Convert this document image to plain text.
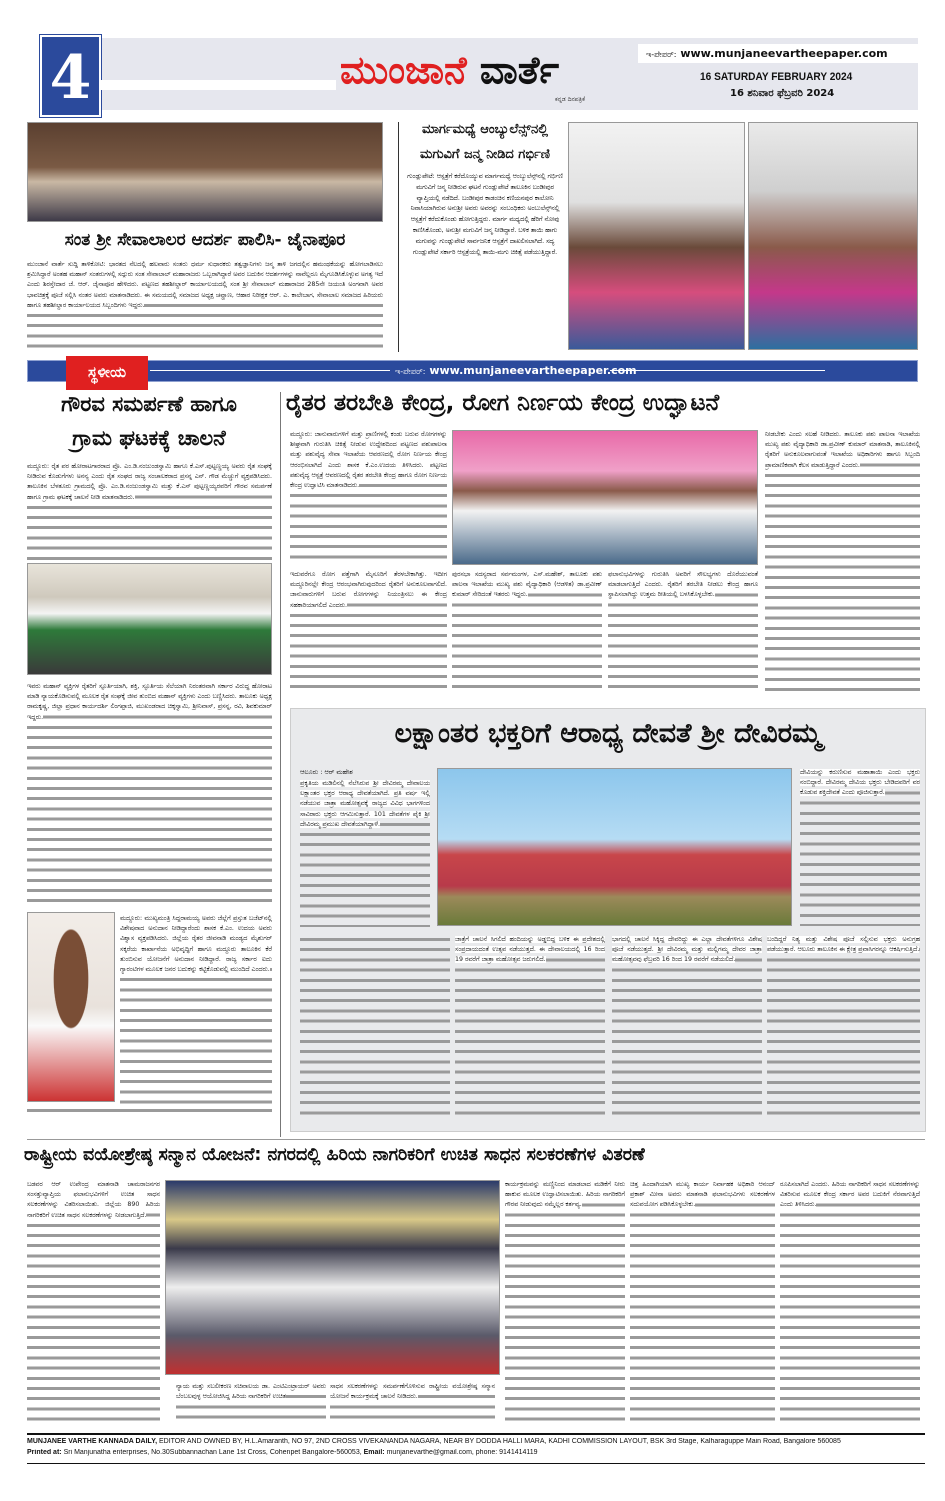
4	ಮುಂಜಾನೆ ವಾರ್ತೆ
ಕನ್ನಡ ದಿನಪತ್ರಿಕೆ
ಇ-ಪೇಪರ್: www.munjaneevartheepaper.com
16 SATURDAY FEBRUARY 2024
16 ಶನಿವಾರ ಫೆಬ್ರವರಿ 2024
ಸಂತ ಶ್ರೀ ಸೇವಾಲಾಲರ ಆದರ್ಶ ಪಾಲಿಸಿ- ಜೈನಾಪೂರ
ಮುಂಜಾನೆ ವಾರ್ತೆ ಸುದ್ದಿ ತಾಳಿಕೋಟಿ: ಭಾರತದ ನೆಲದಲ್ಲಿ ಹಲವಾರು ಸಂತರು ಧರ್ಮ ಸುಧಾರಕರು ತತ್ವಜ್ಞಾನಿಗಳು ಜನ್ಮ ತಾಳಿ ಜಗದಲ್ಲಿನ ಹಮಂಥಕೆಯನ್ನು ಹೋಗಲಾಡಿಸಲು ಶ್ರಮಿಸಿದ್ದಾರೆ ಅಂತಹ ಮಹಾನ್ ಸಂತರುಗಳಲ್ಲಿ ಸದ್ಗುರು ಸಂತ ಸೇವಾಲಾಲ್ ಮಹಾರಾಜರು ಒಬ್ಬರಾಗಿದ್ದಾರೆ ಅವರ ಬದುಕಿನ ಆದರ್ಶಗಳನ್ನು ನಾವೆಲ್ಲರೂ ಮೈಗೂಡಿಸಿಕೊಳ್ಳುವ ಅಗತ್ಯ ಇದೆ ಎಂದು ಶಿರಸ್ತೇದಾರ ಜೆ. ಆರ್. ಜೈನಾಪೂರ ಹೇಳಿದರು. ಪಟ್ಟಣದ ತಹಶೀಲ್ದಾರ್ ಕಾರ್ಯಾಲಯದಲ್ಲಿ ಸಂತ ಶ್ರೀ ಸೇವಾಲಾಲ್ ಮಹಾರಾಜರ 285ನೇ ಜಯಂತಿ ಅಂಗವಾಗಿ ಅವರ ಭಾವಚಿತ್ರಕ್ಕೆ ಪೂಜೆ ಸಲ್ಲಿಸಿ ನಂತರ ಅವರು ಮಾತನಾಡಿದರು. ಈ ಸಮಯದಲ್ಲಿ ಸಮಾಜದ ಅಧ್ಯಕ್ಷ ಚವ್ಹಾಣ, ಆಹಾರ ನಿರೀಕ್ಷಕ ಆರ್. ಎ. ಕಾಲೇಬಾಗ, ಸೇವಾಲಾಲ ಸಮಾಜದ ಹಿರಿಯರು ಹಾಗೂ ತಹಶೀಲ್ದಾರ ಕಾರ್ಯಾಲಯದ ಸಿಬ್ಬಂದಿಗಳು ಇದ್ದರು.
ಮಾರ್ಗಮಧ್ಯೆ ಆಂಬ್ಯುಲೆನ್ಸ್‌ನಲ್ಲಿ
ಮಗುವಿಗೆ ಜನ್ಮ ನೀಡಿದ ಗರ್ಭಿಣಿ
ಗುಂಡ್ಲುಪೇಟೆ: ಆಸ್ಪತ್ರೆಗೆ ಕರೆದೊಯ್ಯುವ ಮಾರ್ಗಮಧ್ಯೆ ಆಂಬ್ಯುಲೆನ್ಸ್‌ನಲ್ಲಿ ಗರ್ಭಿಣಿ ಮಗುವಿಗೆ ಜನ್ಮ ನೀಡಿರುವ ಘಟನೆ ಗುಂಡ್ಲುಪೇಟೆ ತಾಲೂಕಿನ ಬಂಡೀಪುರ ವ್ಯಾಪ್ತಿಯಲ್ಲಿ ನಡೆದಿದೆ. ಬಂಡೀಪುರ ಕಾಡಂಚಿನ ಕಣಿಯನಪುರ ಕಾಲೋನಿ ನಿವಾಸಿಯಾಗಿರುವ ಅನುಶ್ರೀ ಅವರು ಅವರನ್ನು ಸಂಬಂಧಿಕರು ಅಂಬುಲೆನ್ಸ್‌ನಲ್ಲಿ ಆಸ್ಪತ್ರೆಗೆ ಕರೆದುಕೊಂಡು ಹೋಗುತ್ತಿದ್ದರು. ಮಾರ್ಗ ಮಧ್ಯದಲ್ಲಿ ಹೆರಿಗೆ ನೋವು ಕಾಣಿಸಿಕೊಂಡು, ಅನುಶ್ರೀ ಮಗುವಿಗೆ ಜನ್ಮ ನೀಡಿದ್ದಾರೆ. ಬಳಿಕ ತಾಯಿ ಹಾಗು ಮಗುವನ್ನು ಗುಂಡ್ಲುಪೇಟೆ ಸಾರ್ವಜನಿಕ ಆಸ್ಪತ್ರೆಗೆ ದಾಖಲಿಸಲಾಗಿದೆ. ಸದ್ಯ ಗುಂಡ್ಲುಪೇಟೆ ಸರ್ಕಾರಿ ಆಸ್ಪತ್ರೆಯಲ್ಲಿ ತಾಯಿ-ಮಗು ಚಿಕಿತ್ಸೆ ಪಡೆಯುತ್ತಿದ್ದಾರೆ.
ಇ-ಪೇಪರ್: www.munjaneevartheepaper.com
ಸ್ಥಳೀಯ
ಗೌರವ ಸಮರ್ಪಣೆ ಹಾಗೂ
ಗ್ರಾಮ ಘಟಕಕ್ಕೆ ಚಾಲನೆ
ಮದ್ದೂರು: ರೈತ ಪರ ಹೋರಾಟಗಾರರಾದ ಪ್ರೊ. ಎಂ.ಡಿ.ನಂಜುಂಡಸ್ವಾಮಿ ಹಾಗೂ ಕೆ.ಎಸ್.ಪುಟ್ಟಣ್ಣಯ್ಯ ಅವರು ರೈತ ಸಂಘಕ್ಕೆ ನೀಡಿರುವ ಕೊಡುಗೆಗಳು ಅನನ್ಯ ಎಂದು ರೈತ ಸಂಘದ ರಾಜ್ಯ ಸಂಚಾಲಕರಾದ ಪ್ರಸನ್ನ ಎನ್. ಗೌಡ ಮೆಚ್ಚುಗೆ ವ್ಯಕ್ತಪಡಿಸಿದರು. ತಾಲೂಕಿನ ಬೆಳತೂರು ಗ್ರಾಮದಲ್ಲಿ ಪ್ರೊ. ಎಂ.ಡಿ.ನಂಜುಂಡಸ್ವಾಮಿ ಮತ್ತು ಕೆ.ಎಸ್ ಪುಟ್ಟಣ್ಣಯ್ಯರವರಿಗೆ ಗೌರವ ಸಮರ್ಪಣೆ ಹಾಗೂ ಗ್ರಾಮ ಘಟಕಕ್ಕೆ ಚಾಲನೆ ನೀಡಿ ಮಾತನಾಡಿದರು.
ಇವರು ಮಹಾನ್ ವ್ಯಕ್ತಿಗಳ ರೈತರಿಗೆ ಸ್ಪೂರ್ತಿಯಾಗಿ, ಶಕ್ತಿ, ಸ್ಫೂರ್ತಿಯ ಸೆಲೆಯಾಗಿ ನಿರಂತರವಾಗಿ ಸರ್ಕಾರ ವಿರುದ್ಧ ಹೋರಾಟ ಮಾಡಿ ನ್ಯಾಯಕೊಡಿಸುವಲ್ಲಿ ಮೂಲಕ ರೈತ ಸಂಘಕ್ಕೆ ಜೀವ ತುಂಬಿದ ಮಹಾನ್ ವ್ಯಕ್ತಿಗಳು ಎಂದು ಬಣ್ಣಿಸಿದರು. ತಾಲೂಕು ಅಧ್ಯಕ್ಷ ರಾಮಕೃಷ್ಣ, ಜಿಲ್ಲಾ ಪ್ರಧಾನ ಕಾರ್ಯದರ್ಶಿ ಲಿಂಗಪ್ಪಾಜಿ, ಮುಖಂಡರಾದ ಚಿಕ್ಕಸ್ವಾಮಿ, ಶ್ರೀನಿವಾಸ್, ಪ್ರಸನ್ನ, ರವಿ, ಶಿವಕುಮಾರ್ ಇದ್ದರು.
ಮದ್ದೂರು: ಮುಖ್ಯಮಂತ್ರಿ ಸಿದ್ದರಾಮಯ್ಯ ಅವರು ಜೆಲ್ಲೆಗೆ ಪ್ರಸ್ತುತ ಬಜೆಟ್‌ನಲ್ಲಿ ವಿಶೇಷವಾದ ಅನುದಾನ ನೀಡಿದ್ದಾರೆಂದು ಶಾಸಕ ಕೆ.ಎಂ. ಉದಯ ಅವರು ವಿಶ್ವಾಸ ವ್ಯಕ್ತಪಡಿಸಿದರು. ಜಿಲ್ಲೆಯ ರೈತರ ಜೀವನಾಡಿ ಮಂಡ್ಯದ ಮೈಶುಗರ್ ಸಕ್ಕರೆಯ ಕಾರ್ಖಾನೆಯ ಅಭಿವೃದ್ಧಿಗೆ ಹಾಗೂ ಮದ್ದೂರು ತಾಲೂಕಿನ ಕೆರೆ ತುಂಬಿಸುವ ಯೋಜನೆಗೆ ಅನುದಾನ ನೀಡಿದ್ದಾರೆ. ರಾಜ್ಯ ಸರ್ಕಾರ ಐದು ಗ್ಯಾರಂಟಿಗಳ ಮೂಲಕ ಜನರ ಬದುಕನ್ನು ಕಟ್ಟಿಕೊಡುವಲ್ಲಿ ಮುಂದಿದೆ ಎಂದರು.
ರೈತರ ತರಬೇತಿ ಕೇಂದ್ರ, ರೋಗ ನಿರ್ಣಯ ಕೇಂದ್ರ ಉದ್ಘಾಟನೆ
ಮದ್ದೂರು: ಜಾನುವಾರುಗಳಿಗೆ ಮತ್ತು ಪ್ರಾಣಿಗಳಲ್ಲಿ ಕಂಡು ಬರುವ ರೋಗಗಳನ್ನು ಶೀಘ್ರವಾಗಿ ಗುರುತಿಸಿ ಚಿಕಿತ್ಸೆ ನೀಡುವ ಉದ್ದೇಶದಿಂದ ಪಟ್ಟಣದ ಪಶುಪಾಲನಾ ಮತ್ತು ಪಶುವೈದ್ಯ ಸೇವಾ ಇಲಾಖೆಯ ಆವರಣದಲ್ಲಿ ರೋಗ ನಿರ್ಣಯ ಕೇಂದ್ರ ಆರಂಭಿಸಲಾಗಿದೆ ಎಂದು ಶಾಸಕ ಕೆ.ಎಂ.ಉದಯ ತಿಳಿಸಿದರು. ಪಟ್ಟಣದ ಪಶುವೈದ್ಯ ಆಸ್ಪತ್ರೆ ಆವರಣದಲ್ಲಿ ರೈತರ ತರಬೇತಿ ಕೇಂದ್ರ ಹಾಗೂ ರೋಗ ನಿರ್ಣಯ ಕೇಂದ್ರ ಉದ್ಘಾಟಿಸಿ ಮಾತನಾಡಿದರು.
ನೀಡಬೇಕು ಎಂದು ಸಲಹೆ ನೀಡಿದರು. ತಾಲೂಕು ಪಶು ಪಾಲನಾ ಇಲಾಖೆಯ ಮುಖ್ಯ ಪಶು ವೈದ್ಯಾಧಿಕಾರಿ ಡಾ.ಪ್ರವೀಣ್ ಕುಮಾರ್ ಮಾತನಾಡಿ, ತಾಲೂಕಿನಲ್ಲಿ ರೈತರಿಗೆ ಅನುಕೂಲವಾಗುವಂತೆ ಇಲಾಖೆಯ ಅಧಿಕಾರಿಗಳು ಹಾಗೂ ಸಿಬ್ಬಂದಿ ಪ್ರಾಮಾಣಿಕವಾಗಿ ಕೆಲಸ ಮಾಡುತ್ತಿದ್ದಾರೆ ಎಂದರು.
ಇದುವರೆಗೂ ರೋಗ ಪತ್ತೆಗಾಗಿ ಮೈಸೂರಿಗೆ ತೆರಳಬೇಕಾಗಿತ್ತು. ಇದೀಗ ಮದ್ದೂರಿನಲ್ಲೇ ಕೇಂದ್ರ ಆರಂಭವಾಗಿರುವುದರಿಂದ ರೈತರಿಗೆ ಅನುಕೂಲವಾಗಲಿದೆ. ಜಾನುವಾರುಗಳಿಗೆ ಬರುವ ರೋಗಗಳನ್ನು ನಿಯಂತ್ರಿಸಲು ಈ ಕೇಂದ್ರ ಸಹಕಾರಿಯಾಗಲಿದೆ ಎಂದರು.
ಪುರಸಭಾ ಸದಸ್ಯರಾದ ಸರ್ವಮಂಗಳ, ಎಸ್.ಮಹೇಶ್, ತಾಲೂಕು ಪಶು ಪಾಲನಾ ಇಲಾಖೆಯ ಮುಖ್ಯ ಪಶು ವೈದ್ಯಾಧಿಕಾರಿ (ಆಡಳಿತ) ಡಾ.ಪ್ರವೀಣ್ ಕುಮಾರ್ ಸೇರಿದಂತೆ ಇತರರು ಇದ್ದರು.
ಫಲಾನುಭವಿಗಳನ್ನು ಗುರುತಿಸಿ ಅವರಿಗೆ ಸೌಲಭ್ಯಗಳು ದೊರೆಯುವಂತೆ ಮಾಡಲಾಗುತ್ತಿದೆ ಎಂದರು. ರೈತರಿಗೆ ತರಬೇತಿ ನೀಡಲು ಕೇಂದ್ರ ಹಾಗೂ ಸ್ಥಾಪಿಸಲಾಗಿದ್ದು ಉತ್ತಮ ರೀತಿಯಲ್ಲಿ ಬಳಸಿಕೊಳ್ಳಬೇಕು.
ಲಕ್ಷಾಂತರ ಭಕ್ತರಿಗೆ ಆರಾಧ್ಯ ದೇವತೆ ಶ್ರೀ ದೇವಿರಮ್ಮ
ಆಲೂರು : ಆರ್ ಮಹೇಶ
ಪ್ರಕೃತಿಯ ಮಡಿಲಿನಲ್ಲಿ ನೆಲೆಸಿರುವ ಶ್ರೀ ದೇವಿರಮ್ಮ ದೇವಾಲಯ ಲಕ್ಷಾಂತರ ಭಕ್ತರ ಆರಾಧ್ಯ ದೇವತೆಯಾಗಿದೆ. ಪ್ರತಿ ವರ್ಷ ಇಲ್ಲಿ ನಡೆಯುವ ಜಾತ್ರಾ ಮಹೋತ್ಸವಕ್ಕೆ ರಾಜ್ಯದ ವಿವಿಧ ಭಾಗಗಳಿಂದ ಸಾವಿರಾರು ಭಕ್ತರು ಆಗಮಿಸುತ್ತಾರೆ. 101 ದೇವತೆಗಳ ಪೈಕಿ ಶ್ರೀ ದೇವಿರಮ್ಮ ಪ್ರಮುಖ ದೇವತೆಯಾಗಿದ್ದಾಳೆ.
ದೇವಿಯನ್ನು ಕರುಣಿಸುವ ಮಹಾತಾಯಿ ಎಂದು ಭಕ್ತರು ನಂಬಿದ್ದಾರೆ. ದೇವಿರಮ್ಮ ದೇವಿಯ ಭಕ್ತರು ಬೇಡಿದವರಿಗೆ ವರ ಕೊಡುವ ಶಕ್ತಿದೇವತೆ ಎಂದು ಪೂಜಿಸುತ್ತಾರೆ.
ಜಾತ್ರೆಗೆ ಚಾಲನೆ ಸಿಗಲಿದೆ ಹಂದಿಯನ್ನು ಅಡ್ಡಬಿದ್ದ ಬಳಿಕ ಈ ಪ್ರದೇಶದಲ್ಲಿ ಸಂಪ್ರದಾಯದಂತೆ ಉತ್ಸವ ನಡೆಯುತ್ತದೆ. ಈ ದೇವಾಲಯದಲ್ಲಿ 16 ರಿಂದ 19 ರವರೆಗೆ ಜಾತ್ರಾ ಮಹೋತ್ಸವ ಜರುಗಲಿದೆ.
ಭಾಗದಲ್ಲಿ ಚಾಲನೆ ಸಿಕ್ಕಿದ್ದ ದೇವರಿದ್ದು ಈ ಎಲ್ಲಾ ದೇವತೆಗಳಿಗೂ ವಿಶೇಷ ಪೂಜೆ ನಡೆಯುತ್ತದೆ. ಶ್ರೀ ದೇವಿರಮ್ಮ ಮತ್ತು ಮಲ್ಲಿಗಮ್ಮ ದೇವರ ಜಾತ್ರಾ ಮಹೋತ್ಸವವು ಫೆಬ್ರವರಿ 16 ರಿಂದ 19 ರವರೆಗೆ ನಡೆಯಲಿದೆ.
ಬಂದಿದ್ದರೆ ನಿತ್ಯ ಮತ್ತು ವಿಶೇಷ ಪೂಜೆ ಸಲ್ಲಿಸುವ ಭಕ್ತರು ಅನುಗ್ರಹ ಪಡೆಯುತ್ತಾರೆ. ಆಲೂರು ತಾಲೂಕಿನ ಈ ಕ್ಷೇತ್ರ ಪ್ರವಾಸಿಗರನ್ನೂ ಆಕರ್ಷಿಸುತ್ತಿದೆ.
ರಾಷ್ಟ್ರೀಯ ವಯೋಶ್ರೇಷ್ಠ ಸನ್ಮಾನ ಯೋಜನೆ: ನಗರದಲ್ಲಿ ಹಿರಿಯ ನಾಗರಿಕರಿಗೆ ಉಚಿತ ಸಾಧನ ಸಲಕರಣೆಗಳ ವಿತರಣೆ
ಬಡವರ ಆರ್ ಉಪೇಂದ್ರ ಮಾತನಾಡಿ ಚಾಮರಾಜನಗರ ಸಂಸತ್ತುವ್ಯಾಪ್ತಿಯ ಫಲಾನುಭವಿಗಳಿಗೆ ಉಚಿತ ಸಾಧನ ಸಲಕರಣೆಗಳನ್ನು ವಿತರಿಸಲಾಯಿತು. ಜಿಲ್ಲೆಯ 890 ಹಿರಿಯ ನಾಗರಿಕರಿಗೆ ಉಚಿತ ಸಾಧನ ಸಲಕರಣೆಗಳನ್ನು ನೀಡಲಾಗುತ್ತಿದೆ.
ನ್ಯಾಯ ಮತ್ತು ಸಬಲೀಕರಣ ಸಚಿವಾಲಯ ಡಾ. ಎಂಟಿಎಂಟ್ರಾಯರ್ ಅವರು ಬೆಂಬಲವುಳ್ಳ ಆಯೋಜಿಸಿದ್ದ ಹಿರಿಯ ನಾಗರಿಕರಿಗೆ ಉಚಿತ
ಸಾಧನ ಸಲಕರಣೆಗಳನ್ನು ಸಮರ್ಪಣೆಗೊಳಿಸುವ ರಾಷ್ಟ್ರೀಯ ವಯೋಶ್ರೇಷ್ಠ ಸನ್ಮಾನ ಯೋಜನೆ ಕಾರ್ಯಕ್ರಮಕ್ಕೆ ಚಾಲನೆ ನೀಡಿದರು.
ಕಾರ್ಯಕ್ರಮವನ್ನು ಮಣ್ಣಿನಿಂದ ಮಾಡಲಾದ ಮಡಿಕೆಗೆ ನೀರು ಹಾಕುವ ಮೂಲಕ ಉದ್ಘಾಟಿಸಲಾಯಿತು. ಹಿರಿಯ ನಾಗರಿಕರಿಗೆ ಗೌರವ ನೀಡುವುದು ನಮ್ಮೆಲ್ಲರ ಕರ್ತವ್ಯ.
ಚಿತ್ತ ಹಿಂದಾಗಿಯಾಗಿ ಮುಖ್ಯ ಕಾರ್ಯ ನಿರ್ವಾಹಕ ಅಧಿಕಾರಿ ಆನಂದ್ ಪ್ರಕಾಶ್ ಮೀನಾ ಅವರು ಮಾತನಾಡಿ ಫಲಾನುಭವಿಗಳು ಸಲಕರಣೆಗಳ ಸದುಪಯೋಗ ಪಡಿಸಿಕೊಳ್ಳಬೇಕು.
ರೂಪಿಸಲಾಗಿದೆ ಎಂದರು. ಹಿರಿಯ ನಾಗರಿಕರಿಗೆ ಸಾಧನ ಸಲಕರಣೆಗಳನ್ನು ವಿತರಿಸುವ ಮೂಲಕ ಕೇಂದ್ರ ಸರ್ಕಾರ ಅವರ ಬದುಕಿಗೆ ನೆರವಾಗುತ್ತಿದೆ ಎಂದು ತಿಳಿಸಿದರು.
MUNJANEE VARTHE KANNADA DAILY, EDITOR AND OWNED BY, H.L.Amaranth, NO 97, 2ND CROSS VIVEKANANDA NAGARA, NEAR BY DODDA HALLI MARA, KADHI COMMISSION LAYOUT, BSK 3rd Stage, Kalharaguppe Main Road, Bangalore 560085
Printed at: Sri Manjunatha enterprises, No.30Subbannachan Lane 1st Cross, Cohenpet Bangalore-560053, Email: munjanevarthe@gmail.com, phone: 9141414119
